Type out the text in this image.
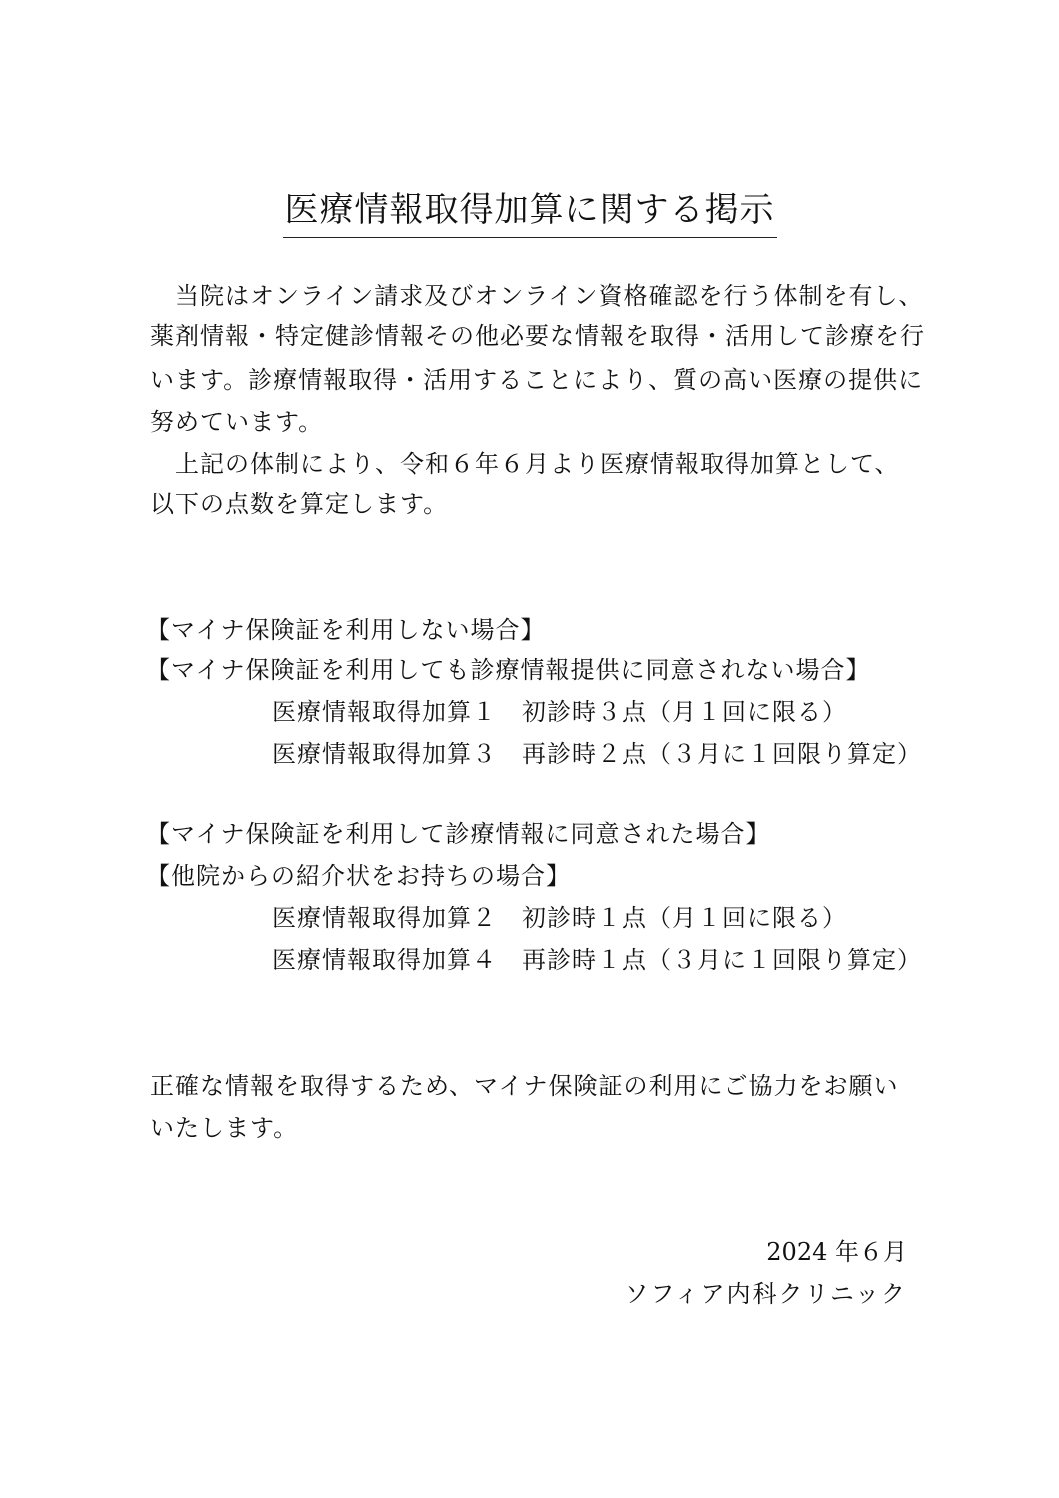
医療情報取得加算に関する掲示
　当院はオンライン請求及びオンライン資格確認を行う体制を有し、
薬剤情報・特定健診情報その他必要な情報を取得・活用して診療を行
います。診療情報取得・活用することにより、質の高い医療の提供に
努めています。
　上記の体制により、令和６年６月より医療情報取得加算として、
以下の点数を算定します。
【マイナ保険証を利用しない場合】
【マイナ保険証を利用しても診療情報提供に同意されない場合】
医療情報取得加算１　初診時３点（月１回に限る）
医療情報取得加算３　再診時２点（３月に１回限り算定）
【マイナ保険証を利用して診療情報に同意された場合】
【他院からの紹介状をお持ちの場合】
医療情報取得加算２　初診時１点（月１回に限る）
医療情報取得加算４　再診時１点（３月に１回限り算定）
正確な情報を取得するため、マイナ保険証の利用にご協力をお願い
いたします。
2024 年６月
ソフィア内科クリニック
